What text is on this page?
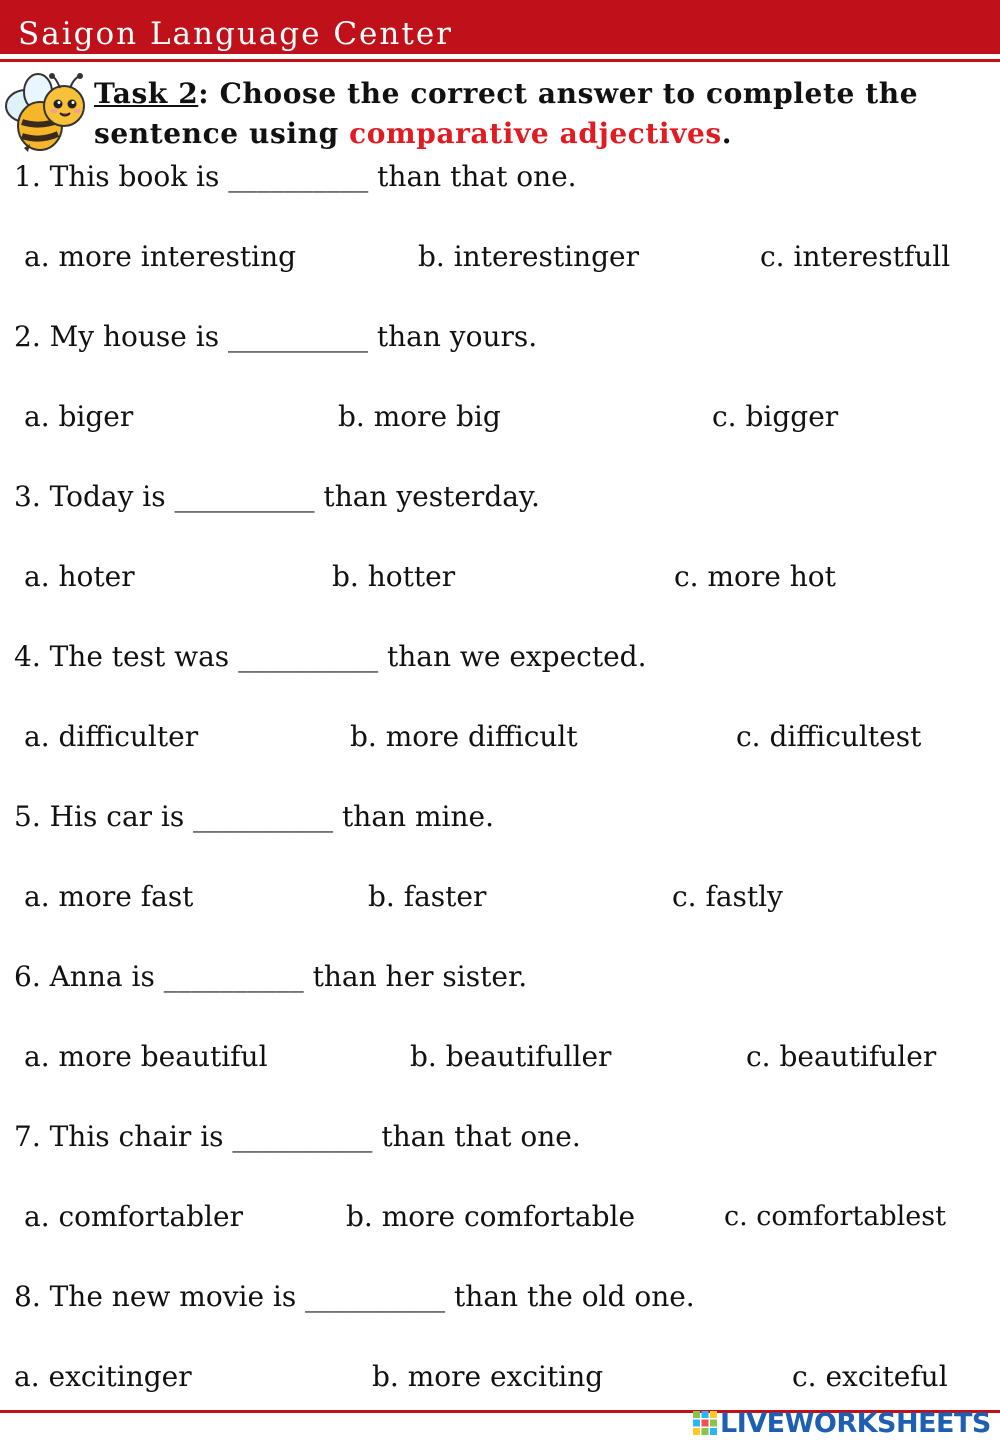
Saigon Language Center
Task 2: Choose the correct answer to complete the sentence using comparative adjectives.
1. This book is __________ than that one.
a. more interesting	b. interestinger	c. interestfull
2. My house is __________ than yours.
a. biger	b. more big	c. bigger
3. Today is __________ than yesterday.
a. hoter	b. hotter	c. more hot
4. The test was __________ than we expected.
a. difficulter	b. more difficult	c. difficultest
5. His car is __________ than mine.
a. more fast	b. faster	c. fastly
6. Anna is __________ than her sister.
a. more beautiful	b. beautifuller	c. beautifuler
7. This chair is __________ than that one.
a. comfortabler	b. more comfortable	c. comfortablest
8. The new movie is __________ than the old one.
a. excitinger	b. more exciting	c. exciteful
LIVEWORKSHEETS
